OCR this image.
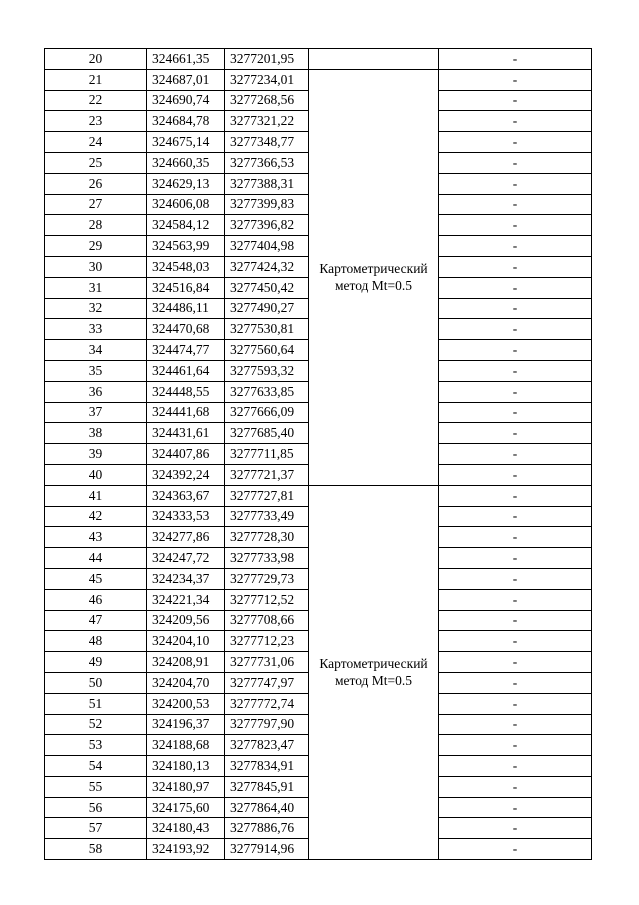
20	324661,35	3277201,95		-
21	324687,01	3277234,01	Картометрический метод Mt=0.5	-
22	324690,74	3277268,56		-
23	324684,78	3277321,22		-
24	324675,14	3277348,77		-
25	324660,35	3277366,53		-
26	324629,13	3277388,31		-
27	324606,08	3277399,83		-
28	324584,12	3277396,82		-
29	324563,99	3277404,98		-
30	324548,03	3277424,32		-
31	324516,84	3277450,42		-
32	324486,11	3277490,27		-
33	324470,68	3277530,81		-
34	324474,77	3277560,64		-
35	324461,64	3277593,32		-
36	324448,55	3277633,85		-
37	324441,68	3277666,09		-
38	324431,61	3277685,40		-
39	324407,86	3277711,85		-
40	324392,24	3277721,37		-
41	324363,67	3277727,81	Картометрический метод Mt=0.5	-
42	324333,53	3277733,49		-
43	324277,86	3277728,30		-
44	324247,72	3277733,98		-
45	324234,37	3277729,73		-
46	324221,34	3277712,52		-
47	324209,56	3277708,66		-
48	324204,10	3277712,23		-
49	324208,91	3277731,06		-
50	324204,70	3277747,97		-
51	324200,53	3277772,74		-
52	324196,37	3277797,90		-
53	324188,68	3277823,47		-
54	324180,13	3277834,91		-
55	324180,97	3277845,91		-
56	324175,60	3277864,40		-
57	324180,43	3277886,76		-
58	324193,92	3277914,96		-
